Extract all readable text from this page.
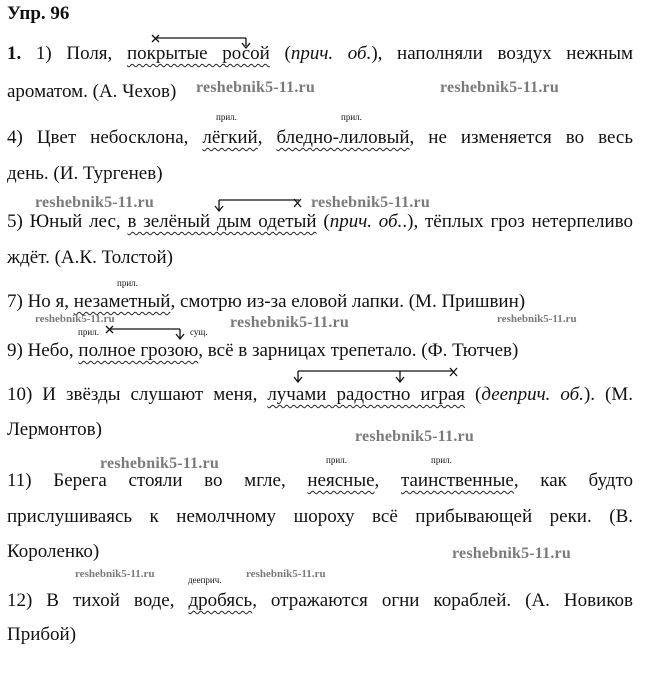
Упр. 96
1. 1) Поля, покрытые росой (прич. об.), наполняли воздух нежным
ароматом. (А. Чехов) reshebnik5-11.ru	reshebnik5-11.ru
прил.	прил.
4) Цвет небосклона, лёгкий, бледно-лиловый, не изменяется во весь
день. (И. Тургенев)
reshebnik5-11.ru	reshebnik5-11.ru
5) Юный лес, в зелёный дым одетый (прич. об..), тёплых гроз нетерпеливо
ждёт. (А.К. Толстой)
прил.
7) Но я, незаметный, смотрю из-за еловой лапки. (М. Пришвин)
reshebnik5-11.ru	reshebnik5-11.ru	reshebnik5-11.ru
прил.	сущ.
9) Небо, полное грозою, всё в зарницах трепетало. (Ф. Тютчев)
10) И звёзды слушают меня, лучами радостно играя (дееприч. об.). (М.
Лермонтов)	reshebnik5-11.ru
reshebnik5-11.ru	прил.	прил.
11) Берега стояли во мгле, неясные, таинственные, как будто
прислушиваясь к немолчному шороху всё прибывающей реки. (В.
Короленко)	reshebnik5-11.ru
reshebnik5-11.ru	дееприч. reshebnik5-11.ru
12) В тихой воде, дробясь, отражаются огни кораблей. (А. Новиков
Прибой)
